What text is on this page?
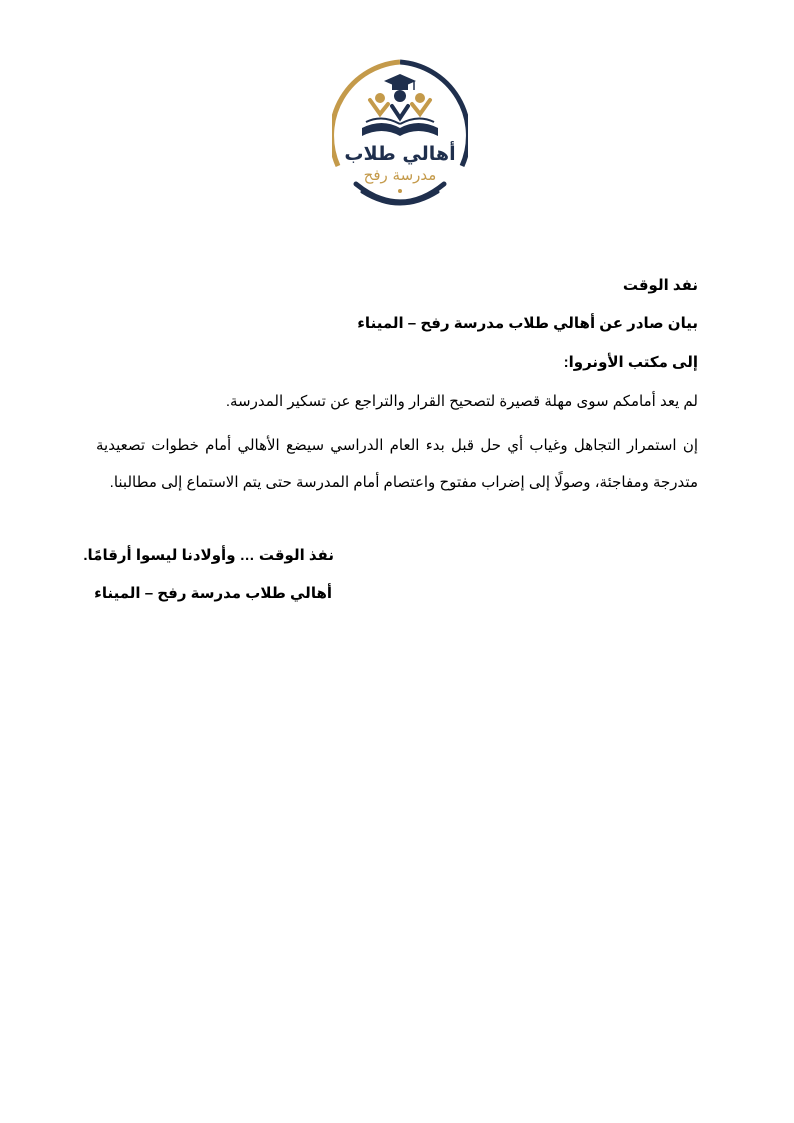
أهالي طلاب
مدرسة رفح
نفد الوقت
بيان صادر عن أهالي طلاب مدرسة رفح – الميناء
إلى مكتب الأونروا:
لم يعد أمامكم سوى مهلة قصيرة لتصحيح القرار والتراجع عن تسكير المدرسة.
إن استمرار التجاهل وغياب أي حل قبل بدء العام الدراسي سيضع الأهالي أمام خطوات تصعيدية متدرجة ومفاجئة، وصولًا إلى إضراب مفتوح واعتصام أمام المدرسة حتى يتم الاستماع إلى مطالبنا.
نفذ الوقت … وأولادنا ليسوا أرقامًا.
أهالي طلاب مدرسة رفح – الميناء
